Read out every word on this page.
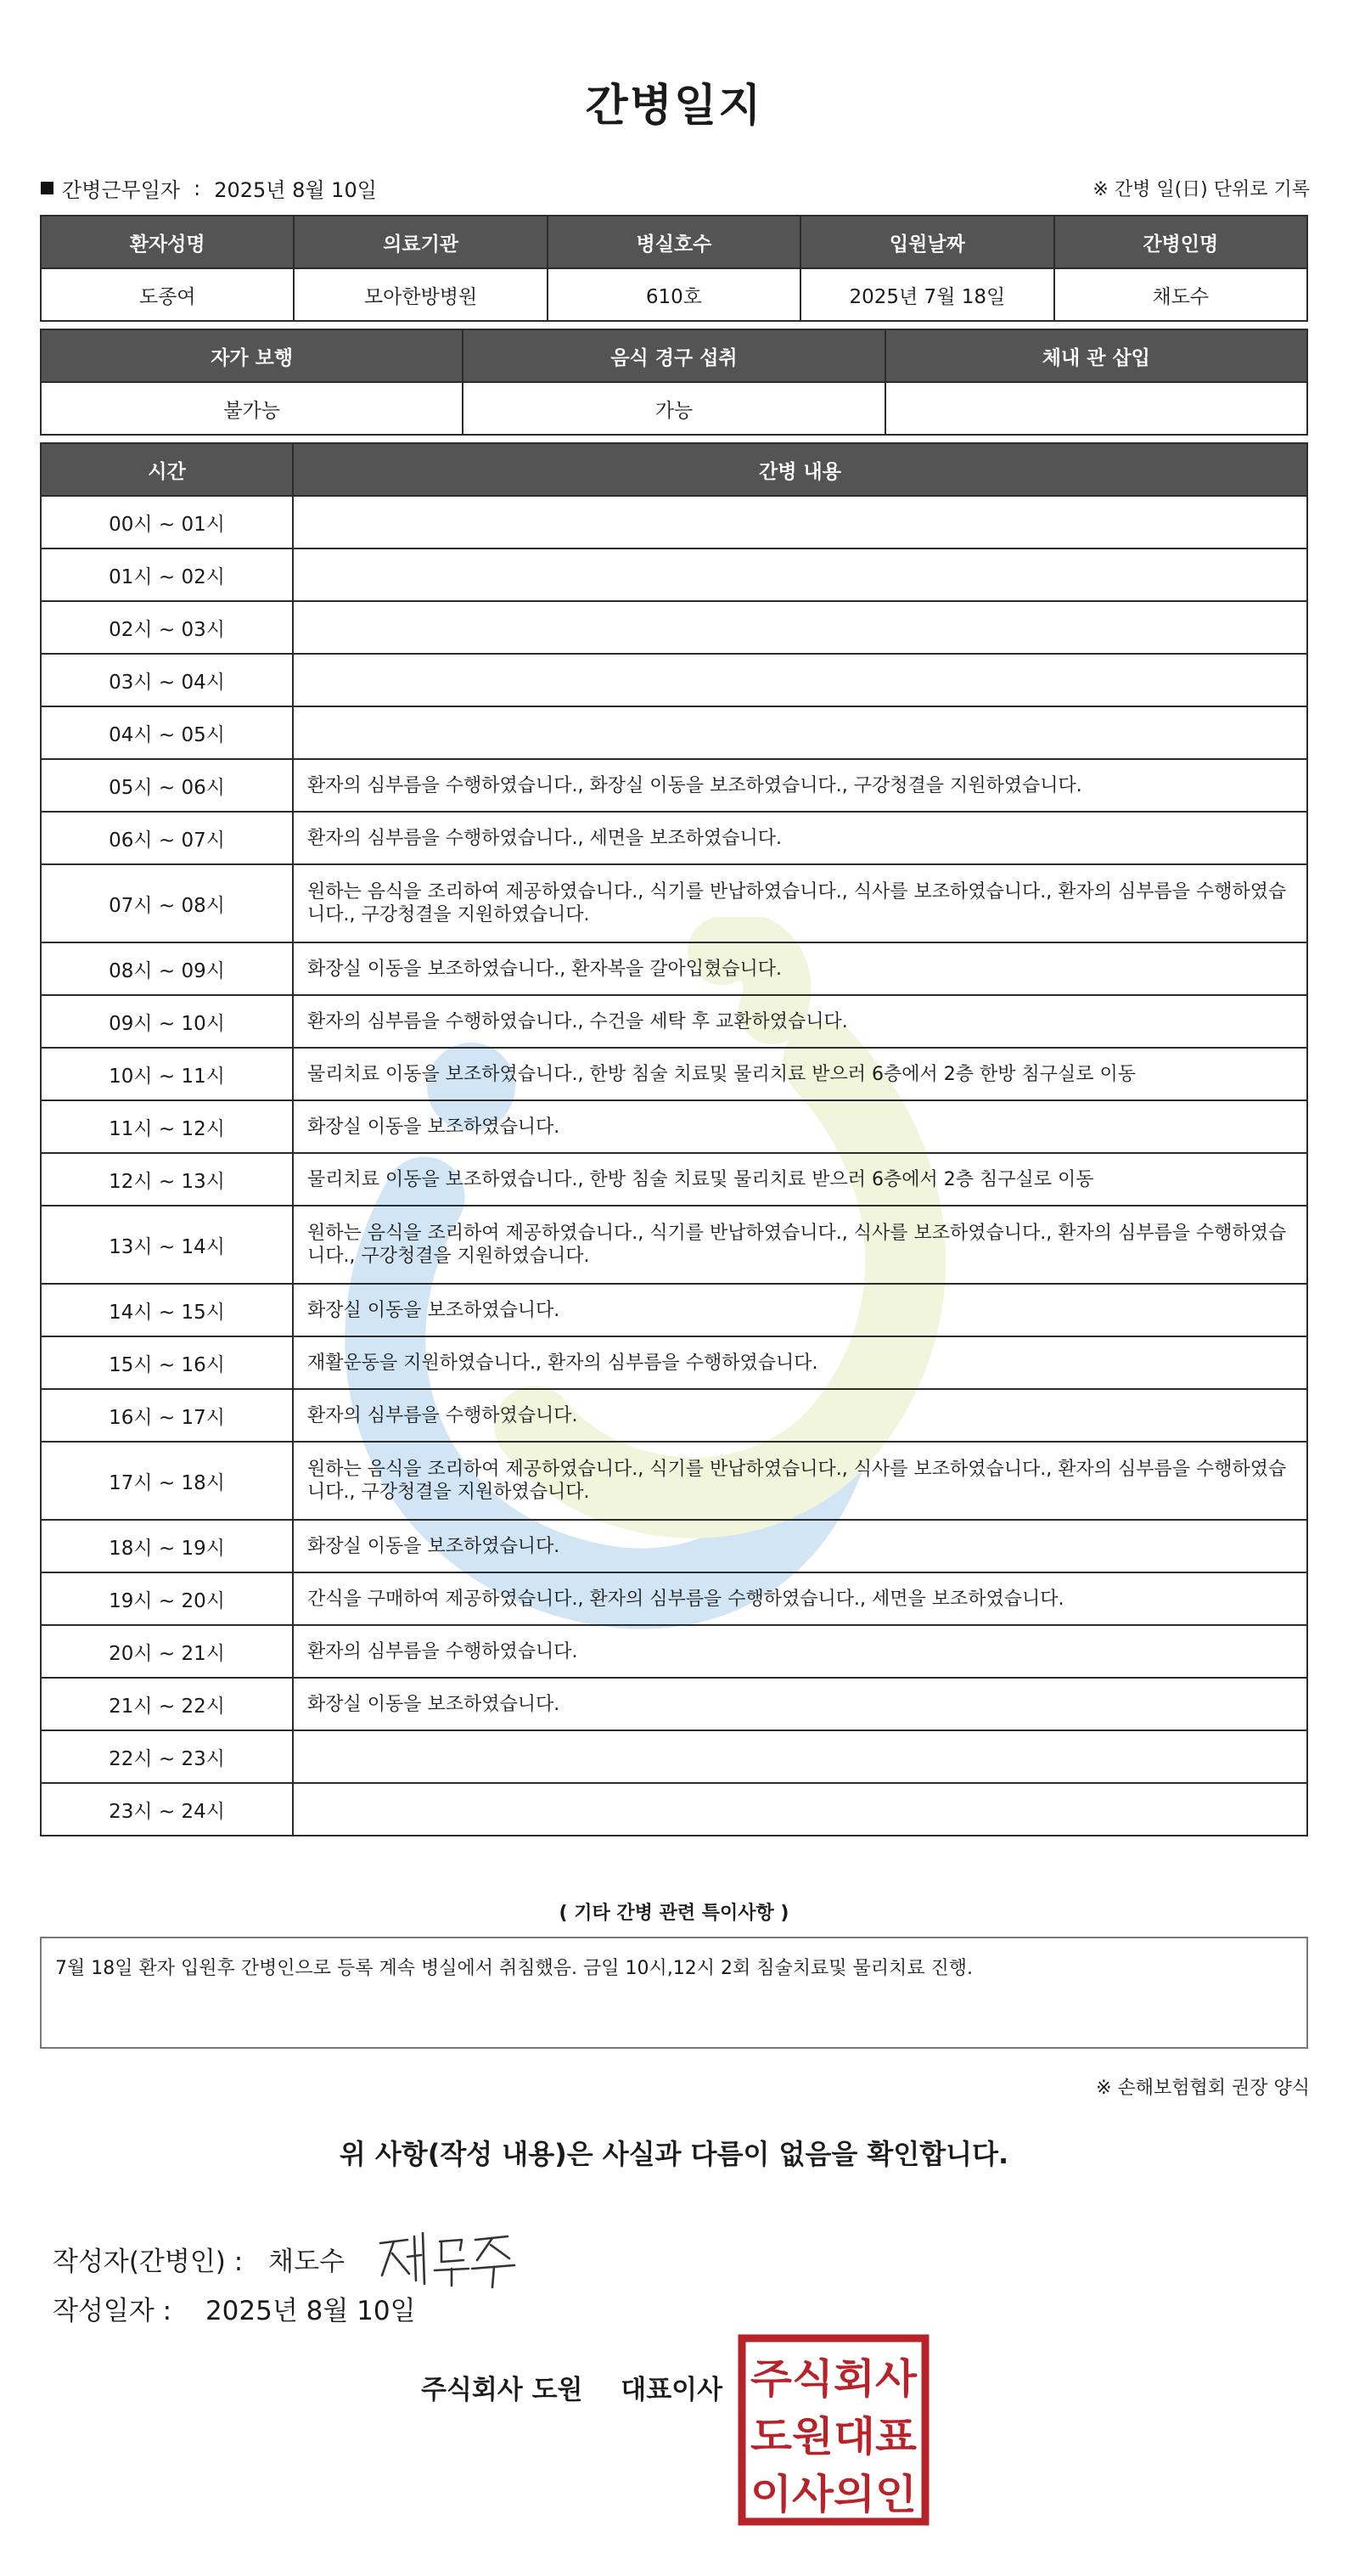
간병일지
간병근무일자 : 2025년 8월 10일	※ 간병 일(日) 단위로 기록
환자성명	의료기관	병실호수	입원날짜	간병인명
도종여	모아한방병원	610호	2025년 7월 18일	채도수
자가 보행	음식 경구 섭취	체내 관 삽입
불가능	가능	
시간	간병 내용
00시 ~ 01시	
01시 ~ 02시	
02시 ~ 03시	
03시 ~ 04시	
04시 ~ 05시	
05시 ~ 06시	환자의 심부름을 수행하였습니다., 화장실 이동을 보조하였습니다., 구강청결을 지원하였습니다.
06시 ~ 07시	환자의 심부름을 수행하였습니다., 세면을 보조하였습니다.
07시 ~ 08시	원하는 음식을 조리하여 제공하였습니다., 식기를 반납하였습니다., 식사를 보조하였습니다., 환자의 심부름을 수행하였습니다., 구강청결을 지원하였습니다.
08시 ~ 09시	화장실 이동을 보조하였습니다., 환자복을 갈아입혔습니다.
09시 ~ 10시	환자의 심부름을 수행하였습니다., 수건을 세탁 후 교환하였습니다.
10시 ~ 11시	물리치료 이동을 보조하였습니다., 한방 침술 치료및 물리치료 받으러 6층에서 2층 한방 침구실로 이동
11시 ~ 12시	화장실 이동을 보조하였습니다.
12시 ~ 13시	물리치료 이동을 보조하였습니다., 한방 침술 치료및 물리치료 받으러 6층에서 2층 침구실로 이동
13시 ~ 14시	원하는 음식을 조리하여 제공하였습니다., 식기를 반납하였습니다., 식사를 보조하였습니다., 환자의 심부름을 수행하였습니다., 구강청결을 지원하였습니다.
14시 ~ 15시	화장실 이동을 보조하였습니다.
15시 ~ 16시	재활운동을 지원하였습니다., 환자의 심부름을 수행하였습니다.
16시 ~ 17시	환자의 심부름을 수행하였습니다.
17시 ~ 18시	원하는 음식을 조리하여 제공하였습니다., 식기를 반납하였습니다., 식사를 보조하였습니다., 환자의 심부름을 수행하였습니다., 구강청결을 지원하였습니다.
18시 ~ 19시	화장실 이동을 보조하였습니다.
19시 ~ 20시	간식을 구매하여 제공하였습니다., 환자의 심부름을 수행하였습니다., 세면을 보조하였습니다.
20시 ~ 21시	환자의 심부름을 수행하였습니다.
21시 ~ 22시	화장실 이동을 보조하였습니다.
22시 ~ 23시	
23시 ~ 24시	
( 기타 간병 관련 특이사항 )
7월 18일 환자 입원후 간병인으로 등록 계속 병실에서 취침했음. 금일 10시,12시 2회 침술치료및 물리치료 진행.
※ 손해보험협회 권장 양식
위 사항(작성 내용)은 사실과 다름이 없음을 확인합니다.
작성자(간병인) : 채도수
작성일자 : 2025년 8월 10일
주식회사 도원 대표이사 주식회사
도원대표
이사의인
